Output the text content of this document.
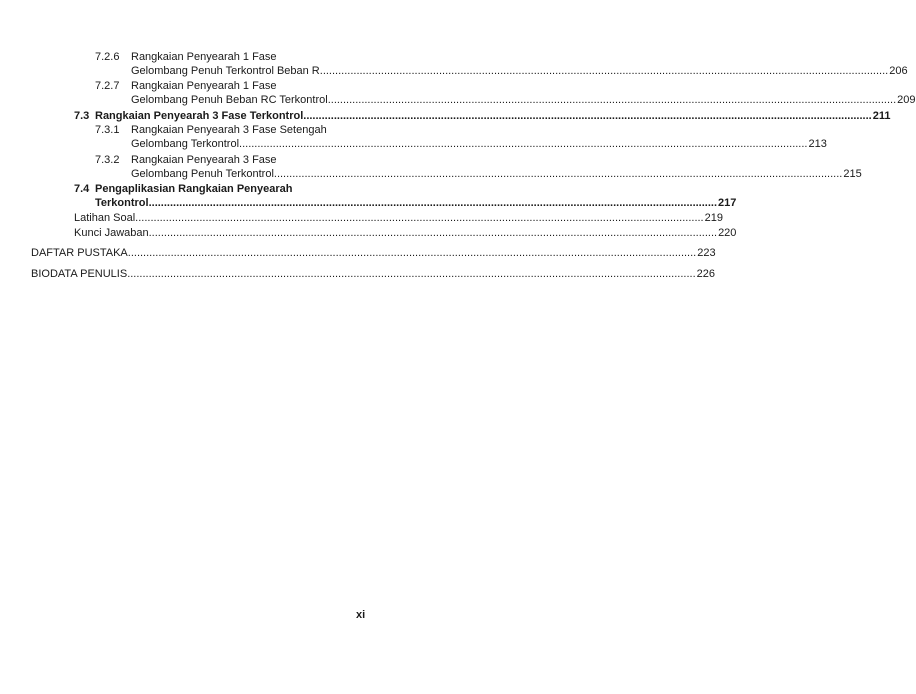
7.2.6 Rangkaian Penyearah 1 Fase
Gelombang Penuh Terkontrol Beban R .....	206
7.2.7 Rangkaian Penyearah 1 Fase
Gelombang Penuh Beban RC Terkontrol .....	209
7.3 Rangkaian Penyearah 3 Fase Terkontrol .....	211
7.3.1 Rangkaian Penyearah 3 Fase Setengah
Gelombang Terkontrol .....	213
7.3.2 Rangkaian Penyearah 3 Fase
Gelombang Penuh Terkontrol .....	215
7.4 Pengaplikasian Rangkaian Penyearah
Terkontrol .....	217
Latihan Soal .....	219
Kunci Jawaban .....	220
DAFTAR PUSTAKA .....	223
BIODATA PENULIS .....	226
xi
